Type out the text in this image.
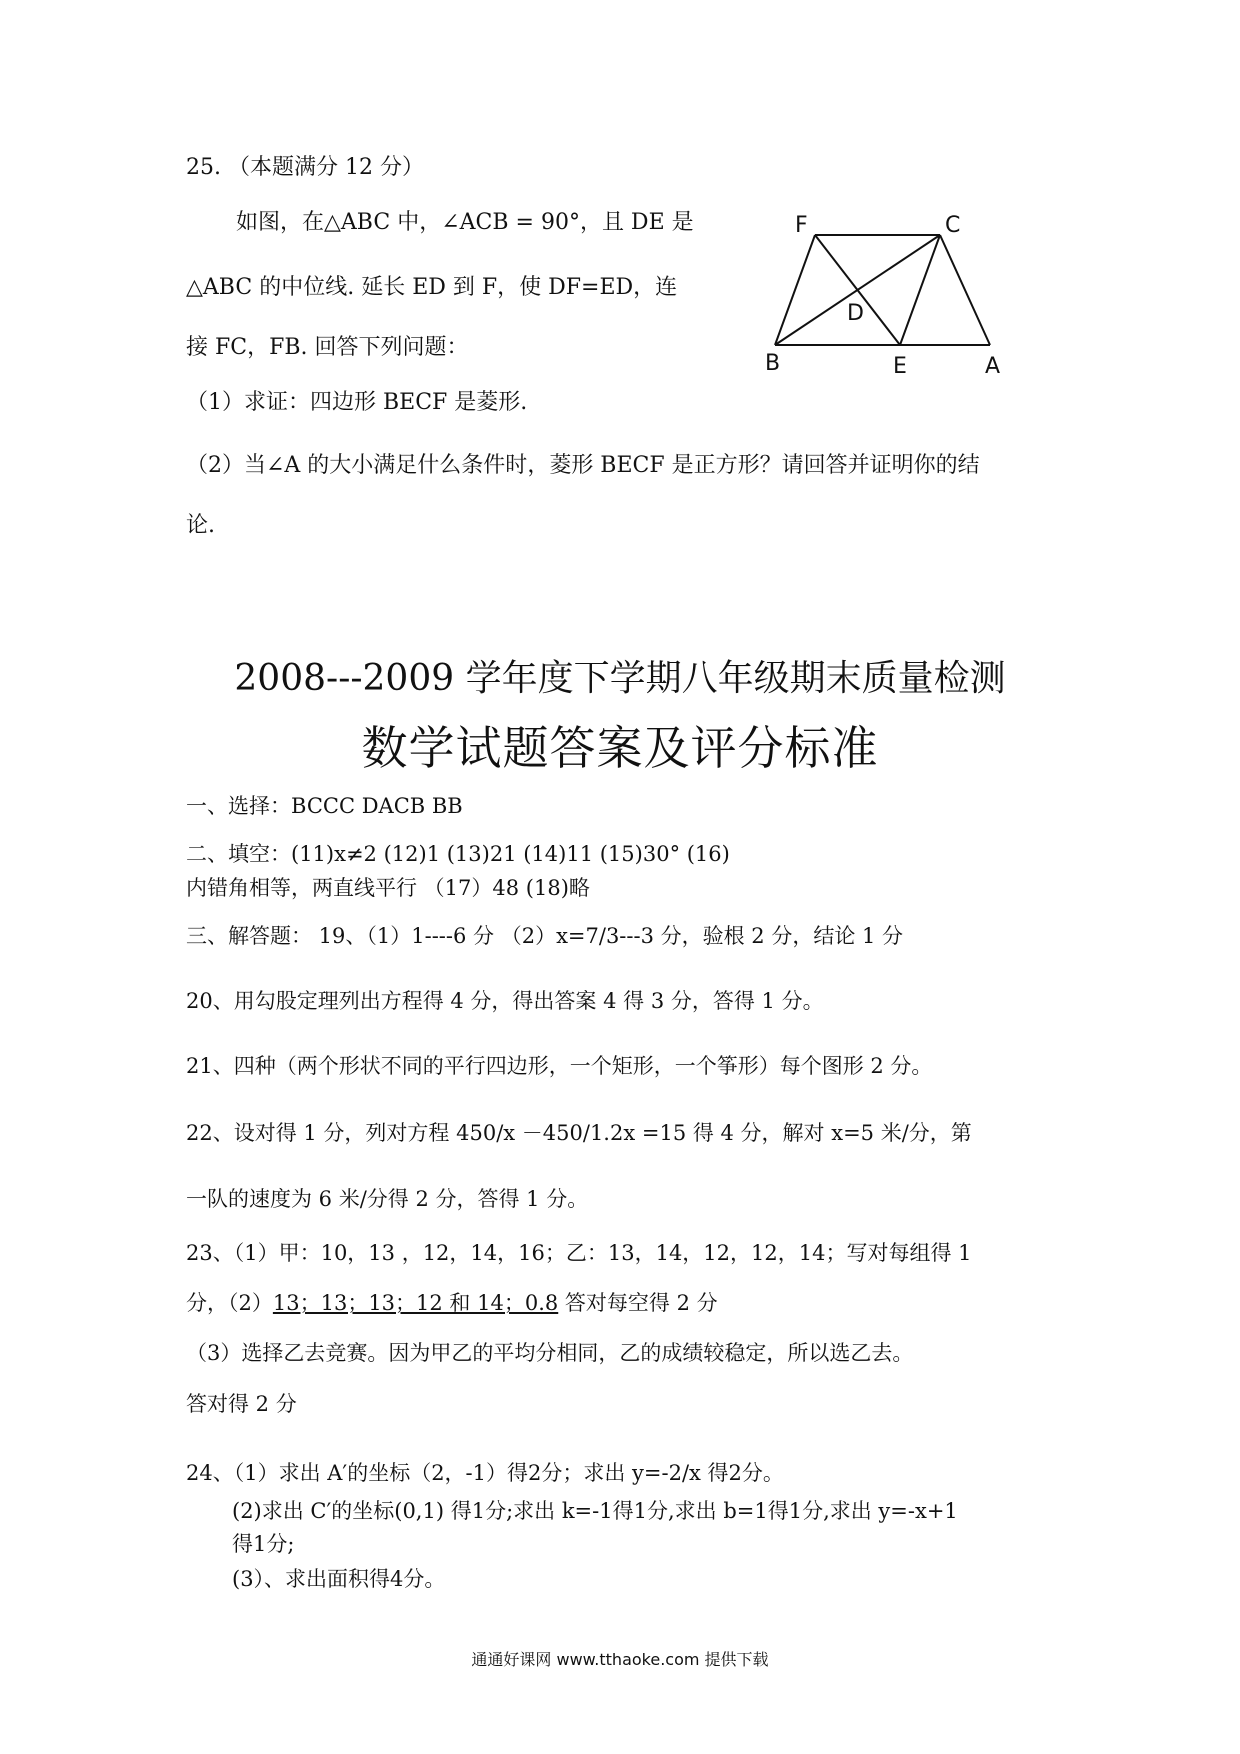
25. （本题满分 12 分）
如图，在△ABC 中，∠ACB = 90°，且 DE 是
△ABC 的中位线. 延长 ED 到 F，使 DF=ED，连
接 FC，FB. 回答下列问题：
（1）求证：四边形 BECF 是菱形.
（2）当∠A 的大小满足什么条件时，菱形 BECF 是正方形？请回答并证明你的结
论.
F	C
D
B	E	A
2008---2009 学年度下学期八年级期末质量检测
数学试题答案及评分标准
一、选择：BCCC DACB BB
二、填空：(11)x≠2 (12)1 (13)21 (14)11 (15)30° (16)
内错角相等，两直线平行 （17）48 (18)略
三、解答题： 19、（1）1----6 分 （2）x=7/3---3 分，验根 2 分，结论 1 分
20、用勾股定理列出方程得 4 分，得出答案 4 得 3 分，答得 1 分。
21、四种（两个形状不同的平行四边形，一个矩形，一个筝形）每个图形 2 分。
22、设对得 1 分，列对方程 450/x －450/1.2x =15 得 4 分，解对 x=5 米/分，第
一队的速度为 6 米/分得 2 分，答得 1 分。
23、（1）甲：10，13 ，12，14，16；乙：13，14，12，12，14；写对每组得 1
分，（2）13；13；13；12 和 14；0.8 答对每空得 2 分
（3）选择乙去竞赛。因为甲乙的平均分相同，乙的成绩较稳定，所以选乙去。
答对得 2 分
24、（1）求出 A′的坐标（2，-1）得2分；求出 y=-2/x 得2分。
(2)求出 C′的坐标(0,1) 得1分;求出 k=-1得1分,求出 b=1得1分,求出 y=-x+1
得1分;
(3）、求出面积得4分。
通通好课网 www.tthaoke.com 提供下载
